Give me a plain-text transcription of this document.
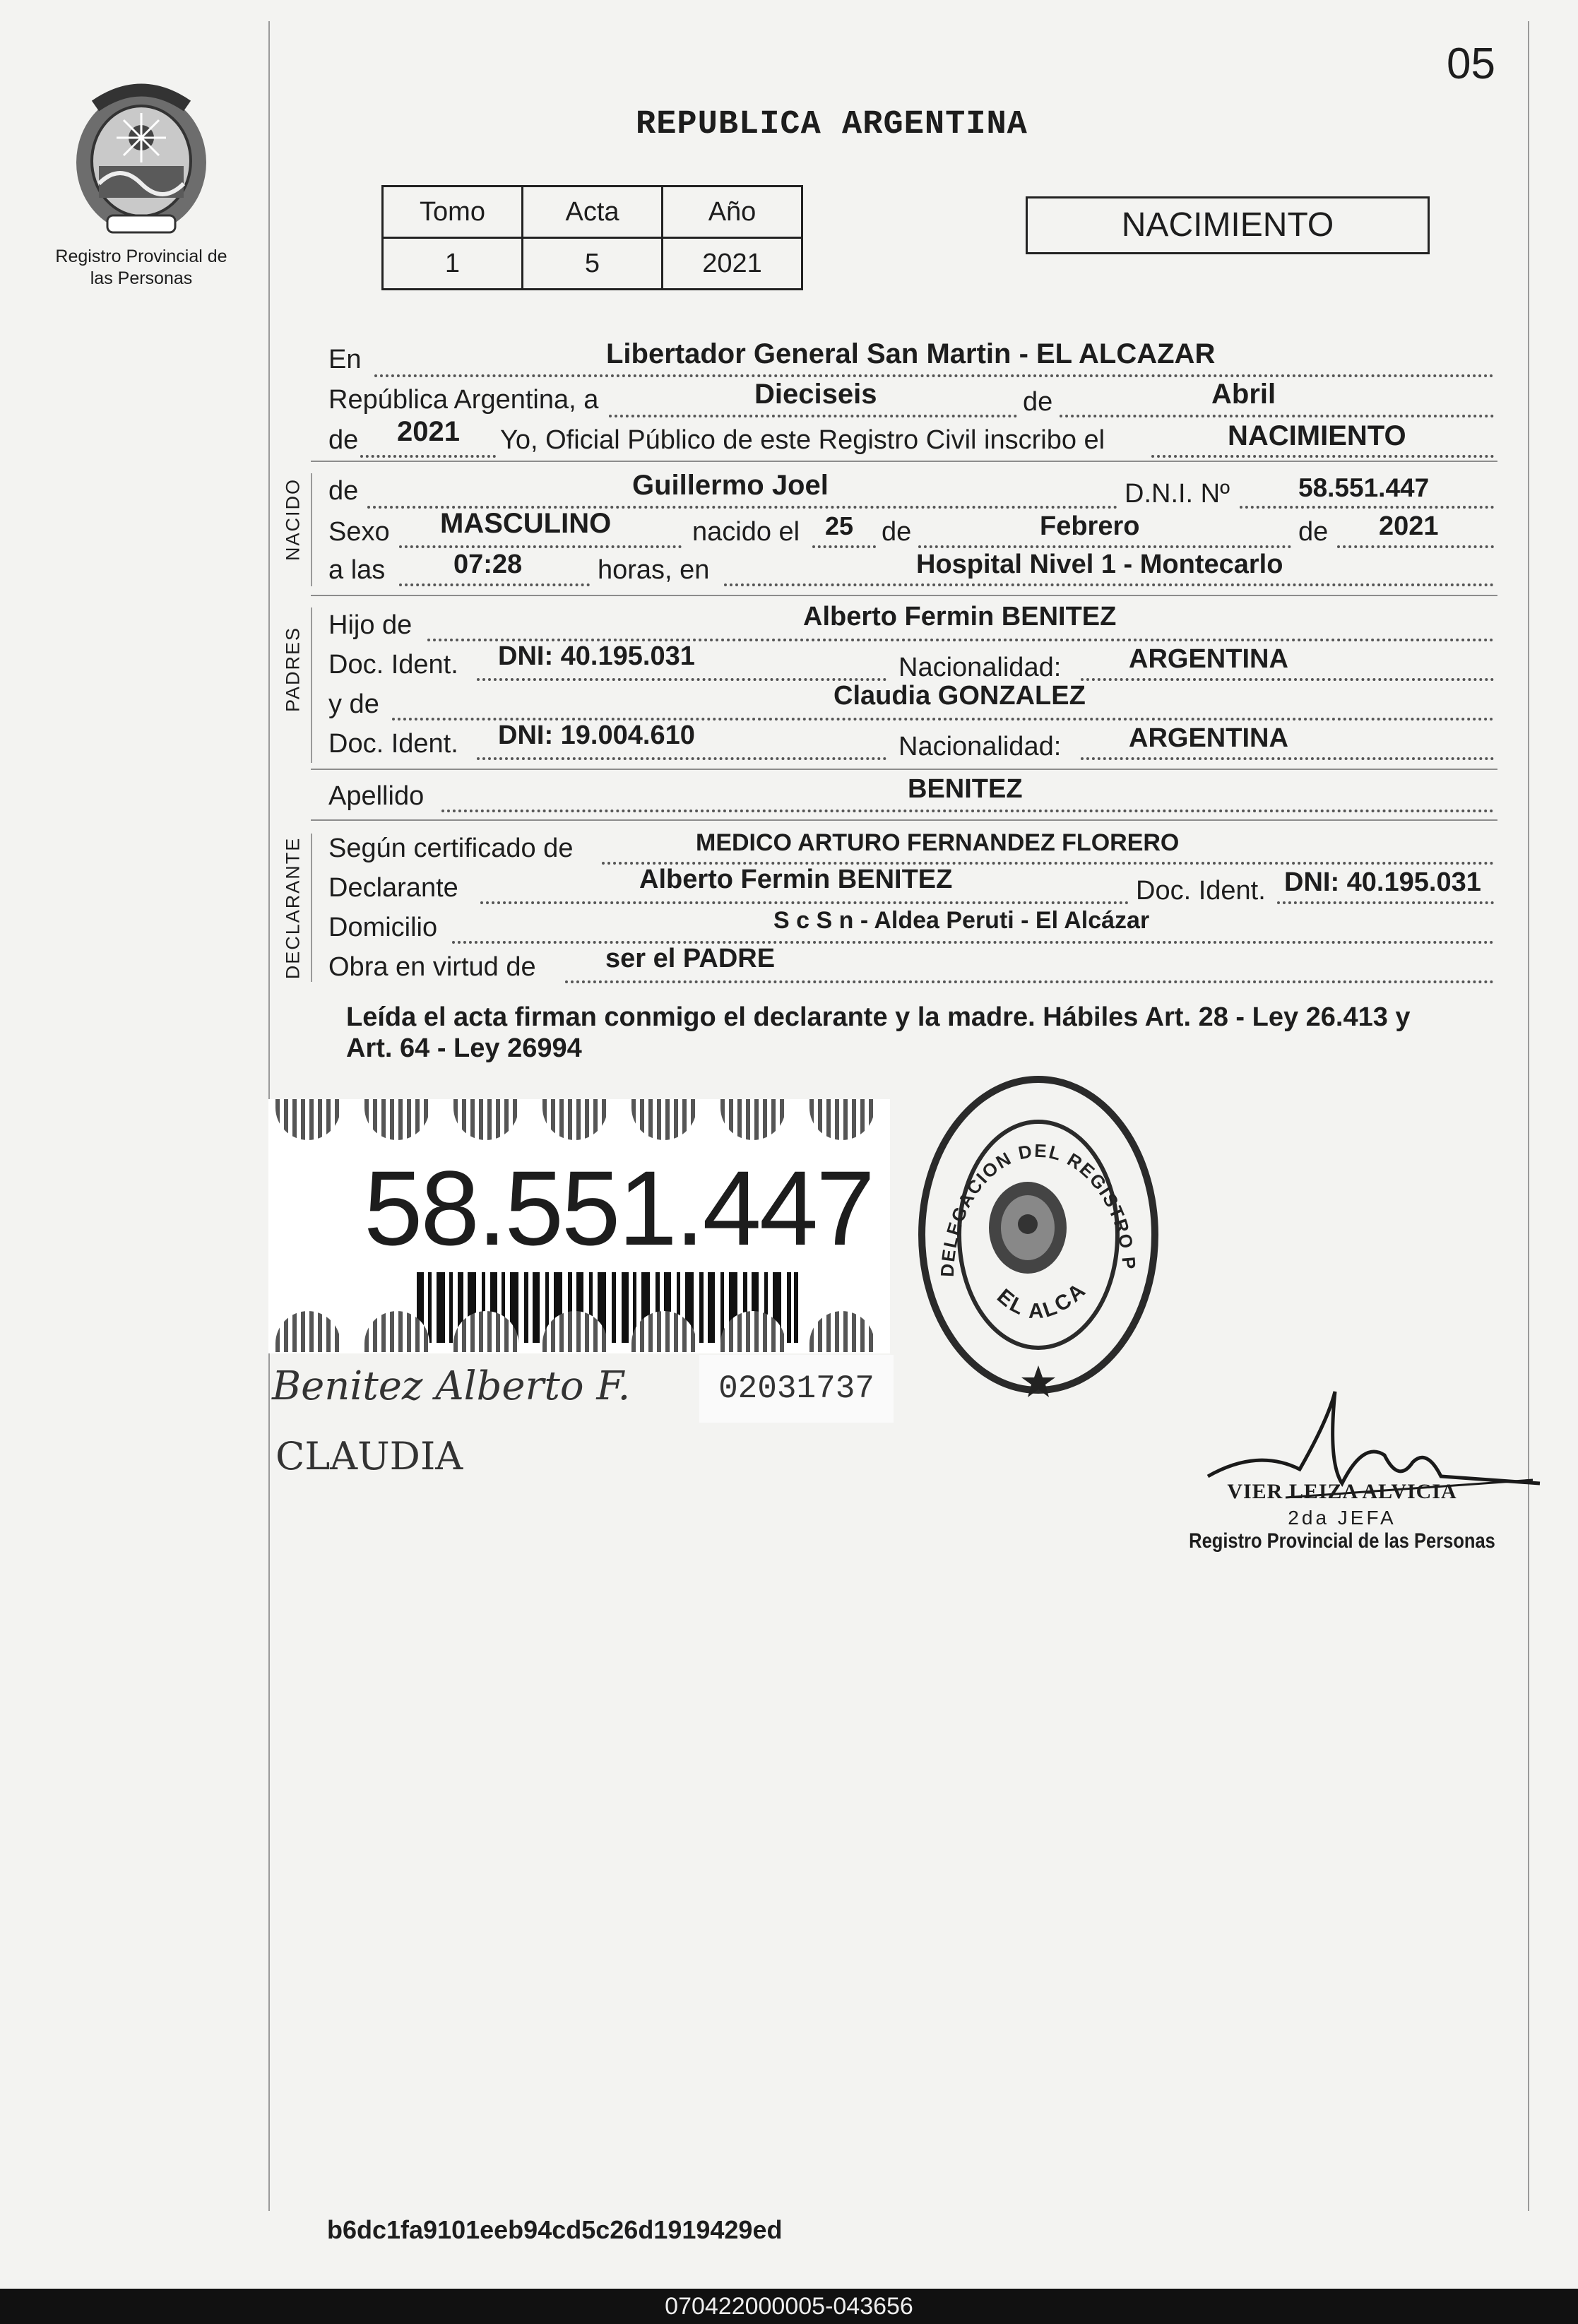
05
REPUBLICA ARGENTINA
Registro Provincial de las Personas
Tomo	Acta	Año
1	5	2021
NACIMIENTO
En	Libertador General San Martin - EL ALCAZAR
República Argentina, a	Dieciseis	de	Abril
de 2021 Yo, Oficial Público de este Registro Civil inscribo el	NACIMIENTO
NACIDO de	Guillermo Joel	D.N.I. Nº	58.551.447
Sexo MASCULINO	nacido el 25 de	Febrero	de 2021
a las	07:28	horas, en	Hospital Nivel 1 - Montecarlo
PADRES
Hijo de	Alberto Fermin BENITEZ
Doc. Ident. DNI: 40.195.031	Nacionalidad:	ARGENTINA
y de	Claudia GONZALEZ
Doc. Ident. DNI: 19.004.610	Nacionalidad:	ARGENTINA
Apellido	BENITEZ
DECLARANTE Según certificado de	MEDICO ARTURO FERNANDEZ FLORERO
Declarante	Alberto Fermin BENITEZ	Doc. Ident. DNI: 40.195.031
Domicilio	S c S n - Aldea Peruti - El Alcázar
Obra en virtud de	ser el PADRE
Leída el acta firman conmigo el declarante y la madre. Hábiles Art. 28 - Ley 26.413 y Art. 64 - Ley 26994
58.551.447
02031737
DELEGACION DEL REGISTRO P
EL ALCA
Benitez Alberto F.
CLAUDIA
VIER LEIZA ALVICIA
2da JEFA
Registro Provincial de las Personas
b6dc1fa9101eeb94cd5c26d1919429ed
070422000005-043656
